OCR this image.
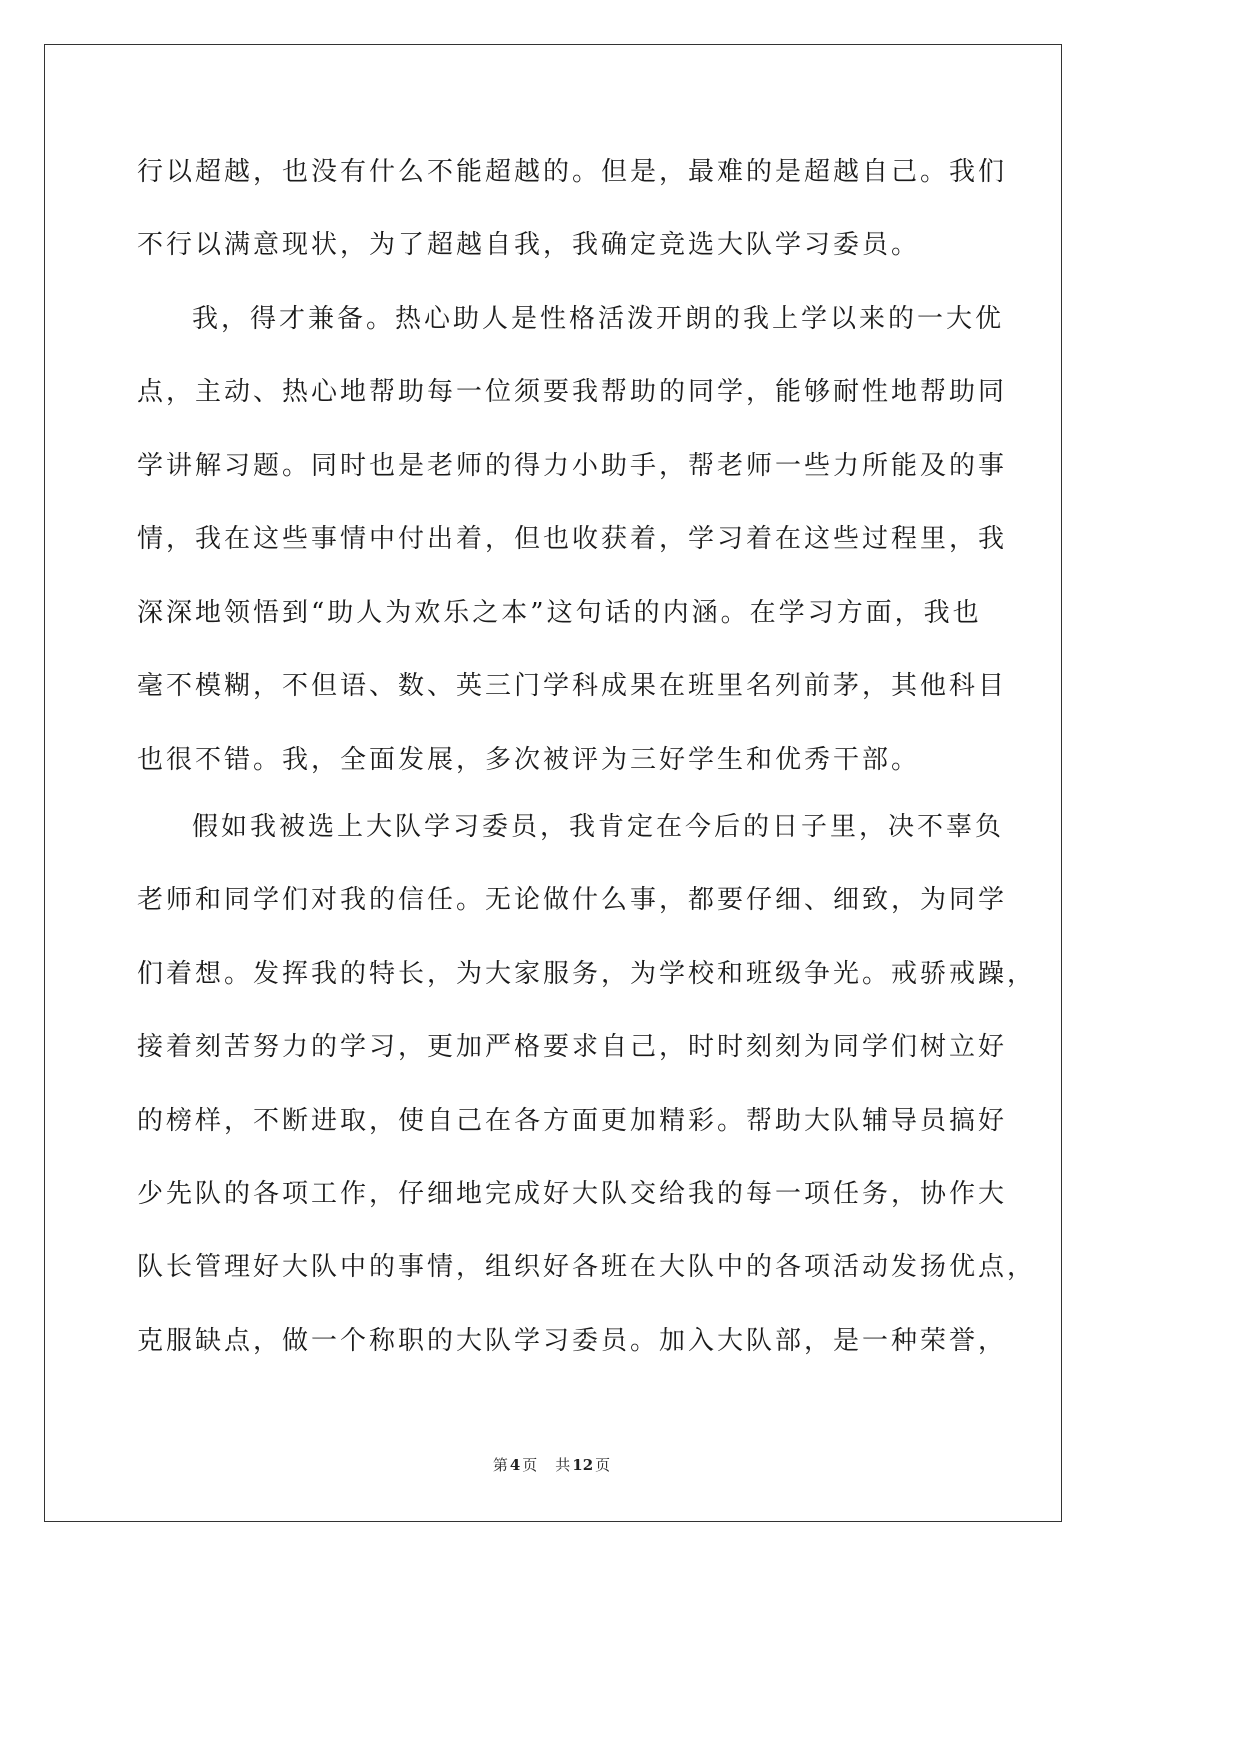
行以超越，也没有什么不能超越的。但是，最难的是超越自己。我们
不行以满意现状，为了超越自我，我确定竞选大队学习委员。
我，得才兼备。热心助人是性格活泼开朗的我上学以来的一大优
点，主动、热心地帮助每一位须要我帮助的同学，能够耐性地帮助同
学讲解习题。同时也是老师的得力小助手，帮老师一些力所能及的事
情，我在这些事情中付出着，但也收获着，学习着在这些过程里，我
深深地领悟到“助人为欢乐之本”这句话的内涵。在学习方面，我也
毫不模糊，不但语、数、英三门学科成果在班里名列前茅，其他科目
也很不错。我，全面发展，多次被评为三好学生和优秀干部。
假如我被选上大队学习委员，我肯定在今后的日子里，决不辜负
老师和同学们对我的信任。无论做什么事，都要仔细、细致，为同学
们着想。发挥我的特长，为大家服务，为学校和班级争光。戒骄戒躁，
接着刻苦努力的学习，更加严格要求自己，时时刻刻为同学们树立好
的榜样，不断进取，使自己在各方面更加精彩。帮助大队辅导员搞好
少先队的各项工作，仔细地完成好大队交给我的每一项任务，协作大
队长管理好大队中的事情，组织好各班在大队中的各项活动发扬优点，
克服缺点，做一个称职的大队学习委员。加入大队部，是一种荣誉，
第 4 页 共 12 页
